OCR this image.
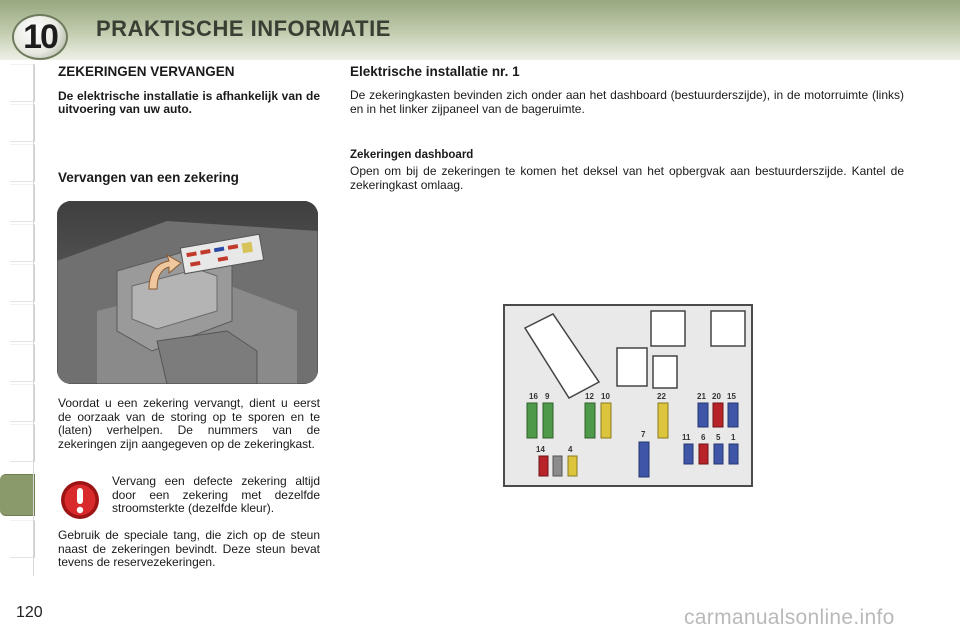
10	PRAKTISCHE INFORMATIE
ZEKERINGEN VERVANGEN
De elektrische installatie is afhankelijk van de uitvoering van uw auto.
Vervangen van een zekering
Voordat u een zekering vervangt, dient u eerst de oorzaak van de storing op te sporen en te (laten) verhelpen. De nummers van de zekeringen zijn aangegeven op de zekeringkast.
Vervang een defecte zekering altijd door een zekering met dezelfde stroomsterkte (dezelfde kleur).
Gebruik de speciale tang, die zich op de steun naast de zekeringen bevindt. Deze steun bevat tevens de reservezekeringen.
Elektrische installatie nr. 1
De zekeringkasten bevinden zich onder aan het dashboard (bestuurderszijde), in de motorruimte (links) en in het linker zijpaneel van de bageruimte.
Zekeringen dashboard
Open om bij de zekeringen te komen het deksel van het opbergvak aan bestuurderszijde. Kantel de zekeringkast omlaag.
16 9	12 10	22	21 20 15
14	4
7	11 6 5 1
120	carmanualsonline.info
